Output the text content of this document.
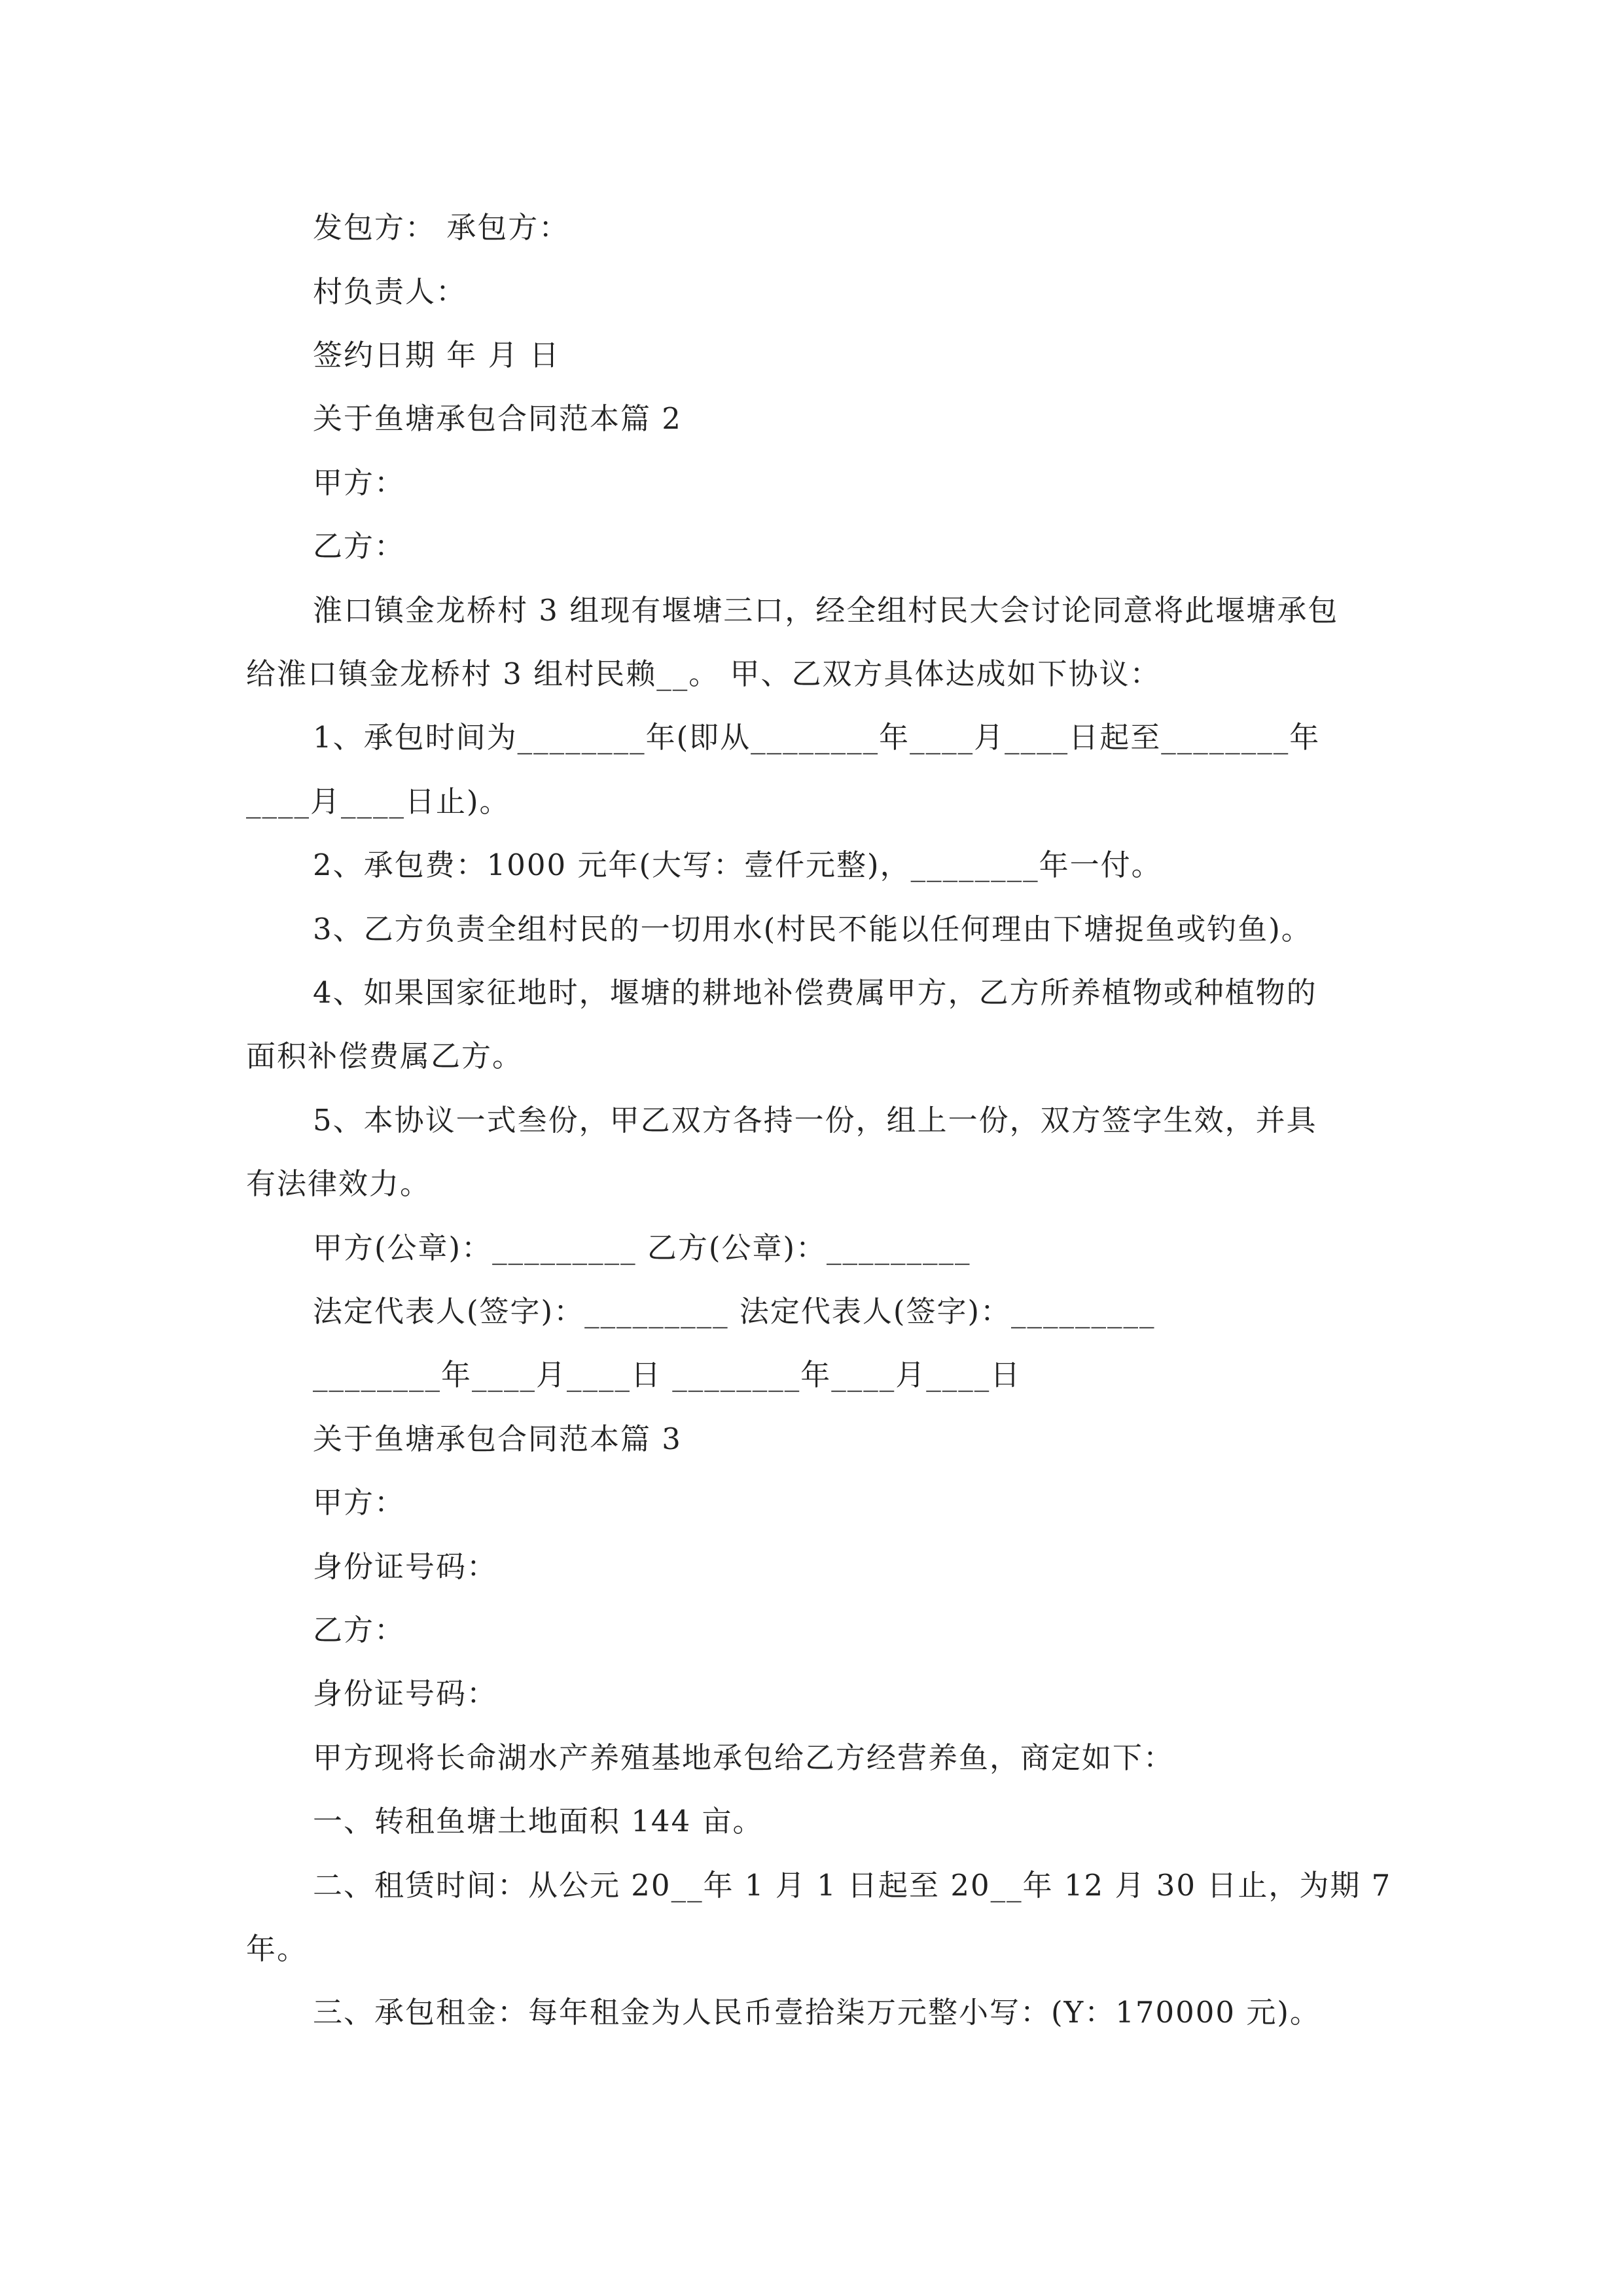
发包方： 承包方：
村负责人：
签约日期 年 月 日
关于鱼塘承包合同范本篇 2
甲方：
乙方：
淮口镇金龙桥村 3 组现有堰塘三口，经全组村民大会讨论同意将此堰塘承包
给淮口镇金龙桥村 3 组村民赖__。 甲、乙双方具体达成如下协议：
1、承包时间为________年(即从________年____月____日起至________年
____月____日止)。
2、承包费：1000 元年(大写：壹仟元整)，________年一付。
3、乙方负责全组村民的一切用水(村民不能以任何理由下塘捉鱼或钓鱼)。
4、如果国家征地时，堰塘的耕地补偿费属甲方，乙方所养植物或种植物的
面积补偿费属乙方。
5、本协议一式叁份，甲乙双方各持一份，组上一份，双方签字生效，并具
有法律效力。
甲方(公章)：_________ 乙方(公章)：_________
法定代表人(签字)：_________ 法定代表人(签字)：_________
________年____月____日 ________年____月____日
关于鱼塘承包合同范本篇 3
甲方：
身份证号码：
乙方：
身份证号码：
甲方现将长命湖水产养殖基地承包给乙方经营养鱼，商定如下：
一、转租鱼塘土地面积 144 亩。
二、租赁时间：从公元 20__年 1 月 1 日起至 20__年 12 月 30 日止，为期 7
年。
三、承包租金：每年租金为人民币壹拾柒万元整小写：(Y：170000 元)。
